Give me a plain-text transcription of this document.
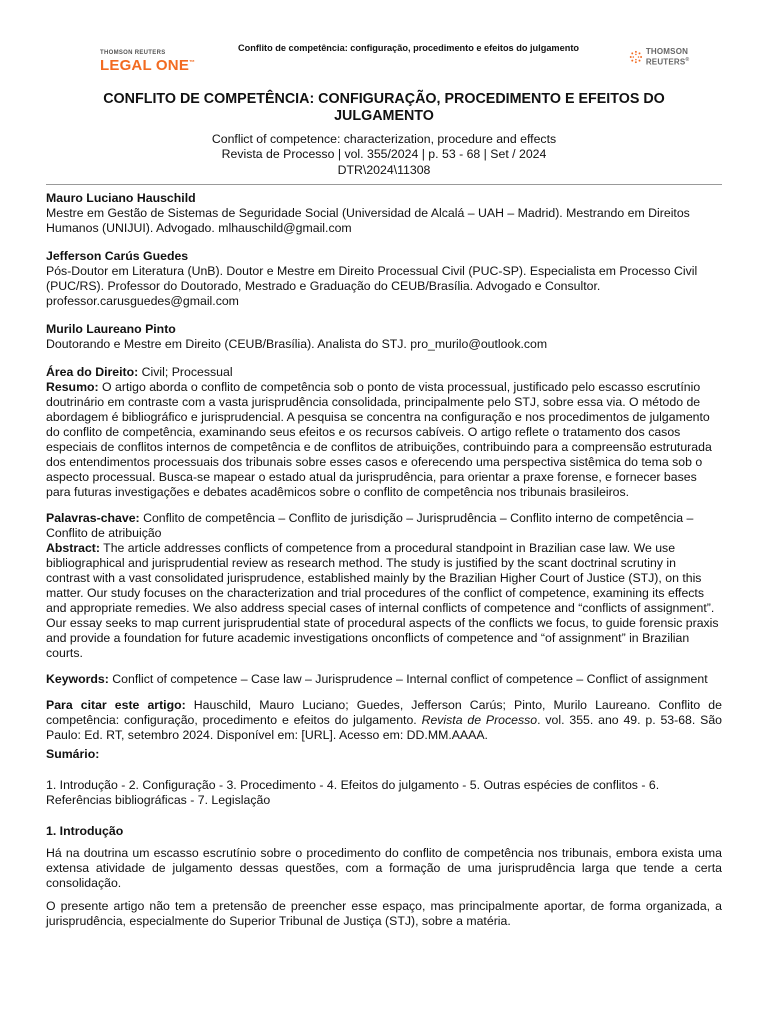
THOMSON REUTERS
LEGAL ONE™
Conflito de competência: configuração, procedimento e efeitos do julgamento	THOMSON REUTERS®
CONFLITO DE COMPETÊNCIA: CONFIGURAÇÃO, PROCEDIMENTO E EFEITOS DO JULGAMENTO
Conflict of competence: characterization, procedure and effects
Revista de Processo | vol. 355/2024 | p. 53 - 68 | Set / 2024
DTR\2024\11308
Mauro Luciano Hauschild
Mestre em Gestão de Sistemas de Seguridade Social (Universidad de Alcalá – UAH – Madrid). Mestrando em Direitos Humanos (UNIJUI). Advogado. mlhauschild@gmail.com
Jefferson Carús Guedes
Pós-Doutor em Literatura (UnB). Doutor e Mestre em Direito Processual Civil (PUC-SP). Especialista em Processo Civil (PUC/RS). Professor do Doutorado, Mestrado e Graduação do CEUB/Brasília. Advogado e Consultor. professor.carusguedes@gmail.com
Murilo Laureano Pinto
Doutorando e Mestre em Direito (CEUB/Brasília). Analista do STJ. pro_murilo@outlook.com

Área do Direito: Civil; Processual

Resumo: O artigo aborda o conflito de competência sob o ponto de vista processual, justificado pelo escasso escrutínio doutrinário em contraste com a vasta jurisprudência consolidada, principalmente pelo STJ, sobre essa via. O método de abordagem é bibliográfico e jurisprudencial. A pesquisa se concentra na configuração e nos procedimentos de julgamento do conflito de competência, examinando seus efeitos e os recursos cabíveis. O artigo reflete o tratamento dos casos especiais de conflitos internos de competência e de conflitos de atribuições, contribuindo para a compreensão estruturada dos entendimentos processuais dos tribunais sobre esses casos e oferecendo uma perspectiva sistêmica do tema sob o aspecto processual. Busca-se mapear o estado atual da jurisprudência, para orientar a praxe forense, e fornecer bases para futuras investigações e debates acadêmicos sobre o conflito de competência nos tribunais brasileiros.

Palavras-chave: Conflito de competência – Conflito de jurisdição – Jurisprudência – Conflito interno de competência – Conflito de atribuição

Abstract: The article addresses conflicts of competence from a procedural standpoint in Brazilian case law. We use bibliographical and jurisprudential review as research method. The study is justified by the scant doctrinal scrutiny in contrast with a vast consolidated jurisprudence, established mainly by the Brazilian Higher Court of Justice (STJ), on this matter. Our study focuses on the characterization and trial procedures of the conflict of competence, examining its effects and appropriate remedies. We also address special cases of internal conflicts of competence and “conflicts of assignment”. Our essay seeks to map current jurisprudential state of procedural aspects of the conflicts we focus, to guide forensic praxis and provide a foundation for future academic investigations onconflicts of competence and “of assignment” in Brazilian courts.

Keywords: Conflict of competence – Case law – Jurisprudence – Internal conflict of competence – Conflict of assignment

Para citar este artigo: Hauschild, Mauro Luciano; Guedes, Jefferson Carús; Pinto, Murilo Laureano. Conflito de competência: configuração, procedimento e efeitos do julgamento. Revista de Processo. vol. 355. ano 49. p. 53-68. São Paulo: Ed. RT, setembro 2024. Disponível em: [URL]. Acesso em: DD.MM.AAAA.

Sumário:

1. Introdução - 2. Configuração - 3. Procedimento - 4. Efeitos do julgamento - 5. Outras espécies de conflitos - 6. Referências bibliográficas - 7. Legislação

1. Introdução

Há na doutrina um escasso escrutínio sobre o procedimento do conflito de competência nos tribunais, embora exista uma extensa atividade de julgamento dessas questões, com a formação de uma jurisprudência larga que tende a certa consolidação.

O presente artigo não tem a pretensão de preencher esse espaço, mas principalmente aportar, de forma organizada, a jurisprudência, especialmente do Superior Tribunal de Justiça (STJ), sobre a matéria.
